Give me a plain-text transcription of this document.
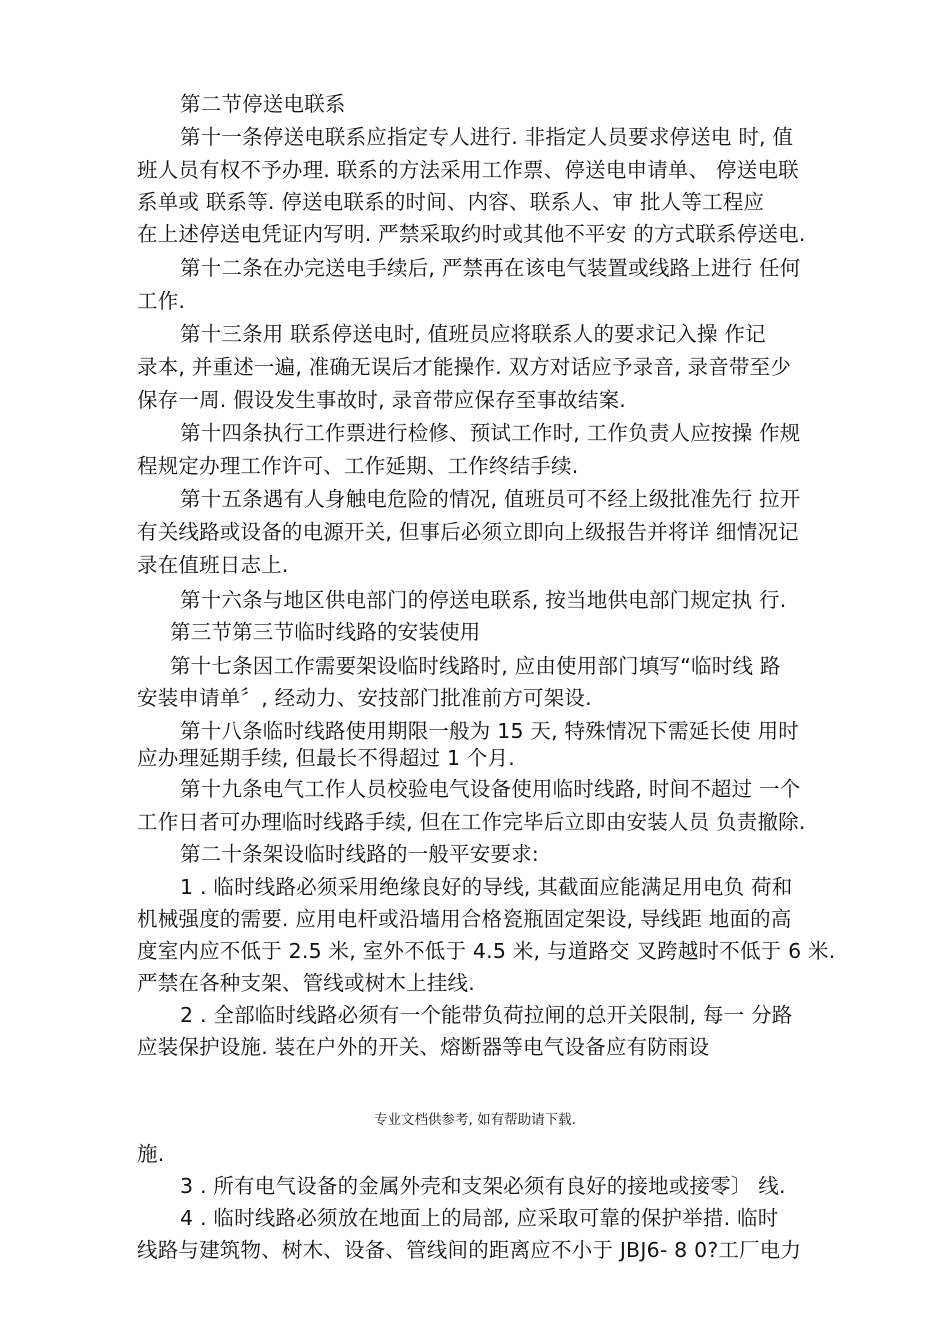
第二节停送电联系
第十一条停送电联系应指定专人进行. 非指定人员要求停送电 时, 值
班人员有权不予办理. 联系的方法采用工作票、停送电申请单、 停送电联
系单或 联系等. 停送电联系的时间、内容、联系人、审 批人等工程应
在上述停送电凭证内写明. 严禁采取约时或其他不平安 的方式联系停送电.
第十二条在办完送电手续后, 严禁再在该电气装置或线路上进行 任何
工作.
第十三条用 联系停送电时, 值班员应将联系人的要求记入操 作记
录本, 并重述一遍, 准确无误后才能操作. 双方对话应予录音, 录音带至少
保存一周. 假设发生事故时, 录音带应保存至事故结案.
第十四条执行工作票进行检修、预试工作时, 工作负责人应按操 作规
程规定办理工作许可、工作延期、工作终结手续.
第十五条遇有人身触电危险的情况, 值班员可不经上级批准先行 拉开
有关线路或设备的电源开关, 但事后必须立即向上级报告并将详 细情况记
录在值班日志上.
第十六条与地区供电部门的停送电联系, 按当地供电部门规定执 行.
第三节第三节临时线路的安装使用
第十七条因工作需要架设临时线路时, 应由使用部门填写“临时线 路
安装申请单〞, 经动力、安技部门批准前方可架设.
第十八条临时线路使用期限一般为 15 天, 特殊情况下需延长使 用时
应办理延期手续, 但最长不得超过 1 个月.
第十九条电气工作人员校验电气设备使用临时线路, 时间不超过 一个
工作日者可办理临时线路手续, 但在工作完毕后立即由安装人员 负责撤除.
第二十条架设临时线路的一般平安要求:
1 . 临时线路必须采用绝缘良好的导线, 其截面应能满足用电负 荷和
机械强度的需要. 应用电杆或沿墙用合格瓷瓶固定架设, 导线距 地面的高
度室内应不低于 2.5 米, 室外不低于 4.5 米, 与道路交 叉跨越时不低于 6 米.
严禁在各种支架、管线或树木上挂线.
2 . 全部临时线路必须有一个能带负荷拉闸的总开关限制, 每一 分路
应装保护设施. 装在户外的开关、熔断器等电气设备应有防雨设
专业文档供参考, 如有帮助请下载.
施.
3 . 所有电气设备的金属外壳和支架必须有良好的接地或接零〕 线.
4 . 临时线路必须放在地面上的局部, 应采取可靠的保护举措. 临时
线路与建筑物、树木、设备、管线间的距离应不小于 JBJ6- 8 0?工厂电力
